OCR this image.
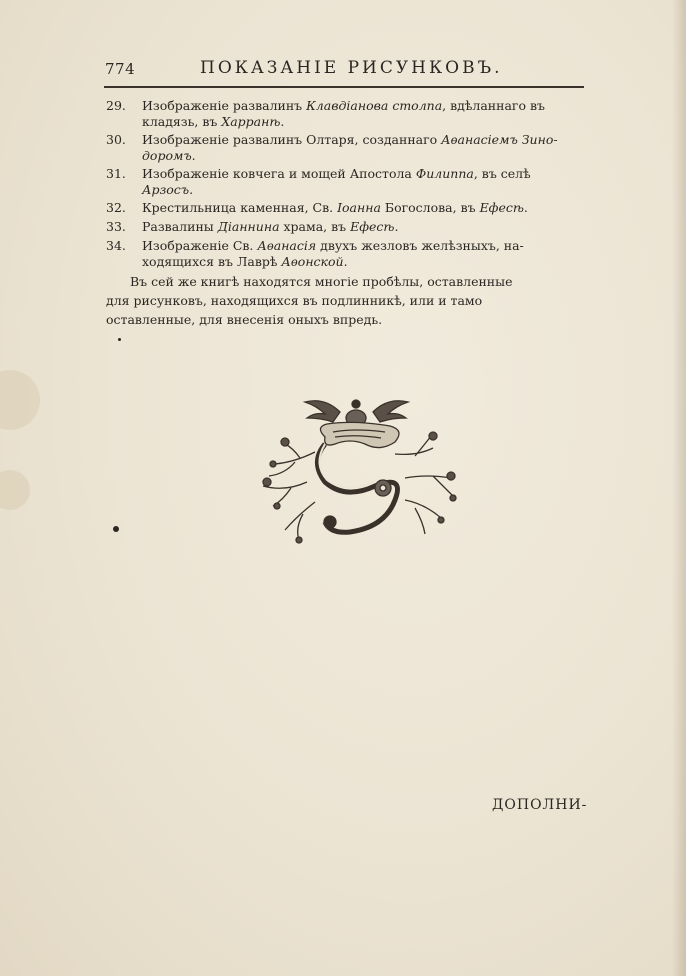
774	ПОКАЗАНІЕ РИСУНКОВЪ.
29.	Изображеніе развалинъ Клавдіанова столпа, вдѣланнаго въ
кладязь, въ Харранѣ.
30.	Изображеніе развалинъ Олтаря, созданнаго Аѳанасіемъ Зино-
доромъ.
31.	Изображеніе ковчега и мощей Апостола Филиппа, въ селѣ
Арзосъ.
32.	Крестильница каменная, Св. Іоанна Богослова, въ Ефесѣ.
33.	Развалины Діаннина храма, въ Ефесѣ.
34.	Изображеніе Св. Аѳанасія двухъ жезловъ желѣзныхъ, на-
ходящихся въ Лаврѣ Аѳонской.
Въ сей же книгѣ находятся многіе пробѣлы, оставленные
для рисунковъ, находящихся въ подлинникѣ, или и тамо
оставленные, для внесенія оныхъ впредь.
ДОПОЛНИ-
